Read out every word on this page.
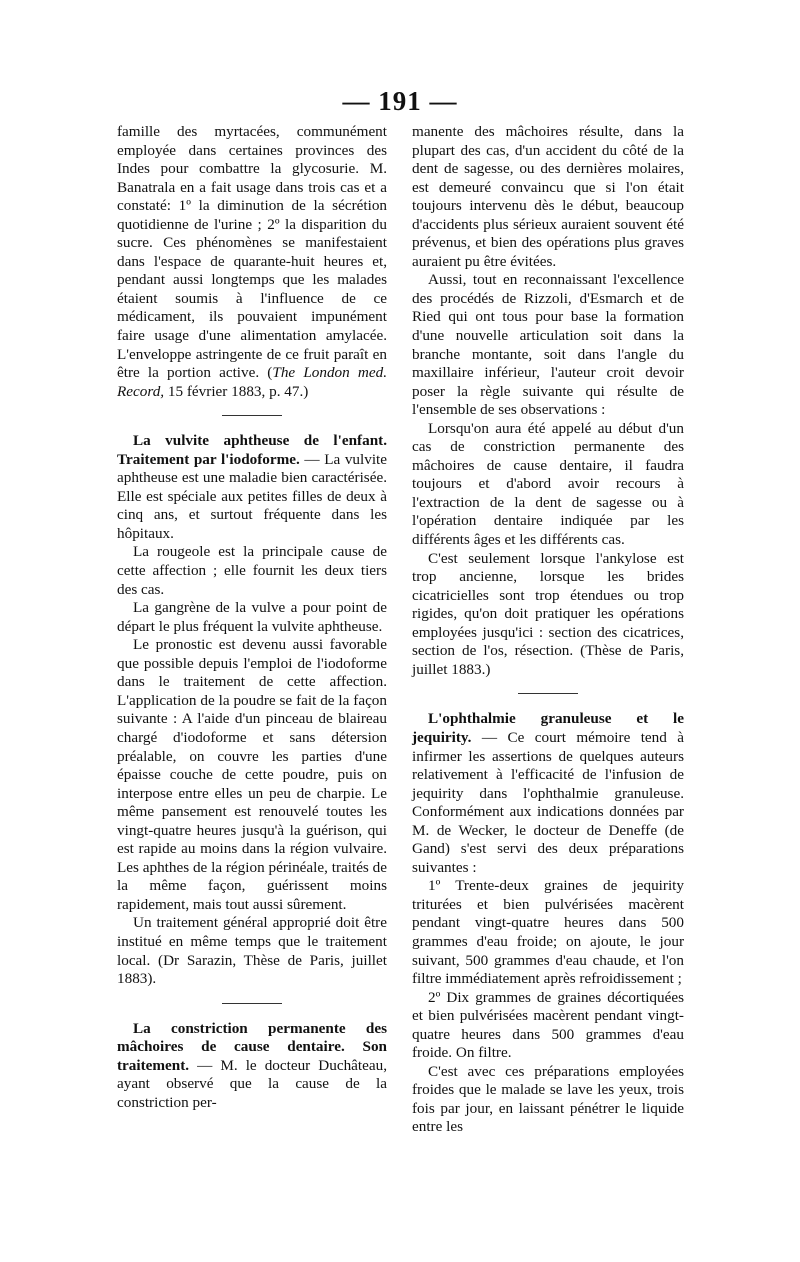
— 191 —

famille des myrtacées, communément employée dans certaines provinces des Indes pour combattre la glycosurie. M. Banatrala en a fait usage dans trois cas et a constaté: 1º la diminution de la sécrétion quotidienne de l'urine ; 2º la disparition du sucre. Ces phénomènes se manifestaient dans l'espace de quarante-huit heures et, pendant aussi longtemps que les malades étaient soumis à l'influence de ce médicament, ils pouvaient impunément faire usage d'une alimentation amylacée. L'enveloppe astringente de ce fruit paraît en être la portion active. (The London med. Record, 15 février 1883, p. 47.)

La vulvite aphtheuse de l'enfant. Traitement par l'iodoforme. — La vulvite aphtheuse est une maladie bien caractérisée. Elle est spéciale aux petites filles de deux à cinq ans, et surtout fréquente dans les hôpitaux.

La rougeole est la principale cause de cette affection ; elle fournit les deux tiers des cas.

La gangrène de la vulve a pour point de départ le plus fréquent la vulvite aphtheuse.

Le pronostic est devenu aussi favorable que possible depuis l'emploi de l'iodoforme dans le traitement de cette affection. L'application de la poudre se fait de la façon suivante : A l'aide d'un pinceau de blaireau chargé d'iodoforme et sans détersion préalable, on couvre les parties d'une épaisse couche de cette poudre, puis on interpose entre elles un peu de charpie. Le même pansement est renouvelé toutes les vingt-quatre heures jusqu'à la guérison, qui est rapide au moins dans la région vulvaire. Les aphthes de la région périnéale, traités de la même façon, guérissent moins rapidement, mais tout aussi sûrement.

Un traitement général approprié doit être institué en même temps que le traitement local. (Dr Sarazin, Thèse de Paris, juillet 1883).

La constriction permanente des mâchoires de cause dentaire. Son traitement. — M. le docteur Duchâteau, ayant observé que la cause de la constriction per-

manente des mâchoires résulte, dans la plupart des cas, d'un accident du côté de la dent de sagesse, ou des dernières molaires, est demeuré convaincu que si l'on était toujours intervenu dès le début, beaucoup d'accidents plus sérieux auraient souvent été prévenus, et bien des opérations plus graves auraient pu être évitées.

Aussi, tout en reconnaissant l'excellence des procédés de Rizzoli, d'Esmarch et de Ried qui ont tous pour base la formation d'une nouvelle articulation soit dans la branche montante, soit dans l'angle du maxillaire inférieur, l'auteur croit devoir poser la règle suivante qui résulte de l'ensemble de ses observations :

Lorsqu'on aura été appelé au début d'un cas de constriction permanente des mâchoires de cause dentaire, il faudra toujours et d'abord avoir recours à l'extraction de la dent de sagesse ou à l'opération dentaire indiquée par les différents âges et les différents cas.

C'est seulement lorsque l'ankylose est trop ancienne, lorsque les brides cicatricielles sont trop étendues ou trop rigides, qu'on doit pratiquer les opérations employées jusqu'ici : section des cicatrices, section de l'os, résection. (Thèse de Paris, juillet 1883.)

L'ophthalmie granuleuse et le jequirity. — Ce court mémoire tend à infirmer les assertions de quelques auteurs relativement à l'efficacité de l'infusion de jequirity dans l'ophthalmie granuleuse. Conformément aux indications données par M. de Wecker, le docteur de Deneffe (de Gand) s'est servi des deux préparations suivantes :

1º Trente-deux graines de jequirity triturées et bien pulvérisées macèrent pendant vingt-quatre heures dans 500 grammes d'eau froide; on ajoute, le jour suivant, 500 grammes d'eau chaude, et l'on filtre immédiatement après refroidissement ;

2º Dix grammes de graines décortiquées et bien pulvérisées macèrent pendant vingt-quatre heures dans 500 grammes d'eau froide. On filtre.

C'est avec ces préparations employées froides que le malade se lave les yeux, trois fois par jour, en laissant pénétrer le liquide entre les
